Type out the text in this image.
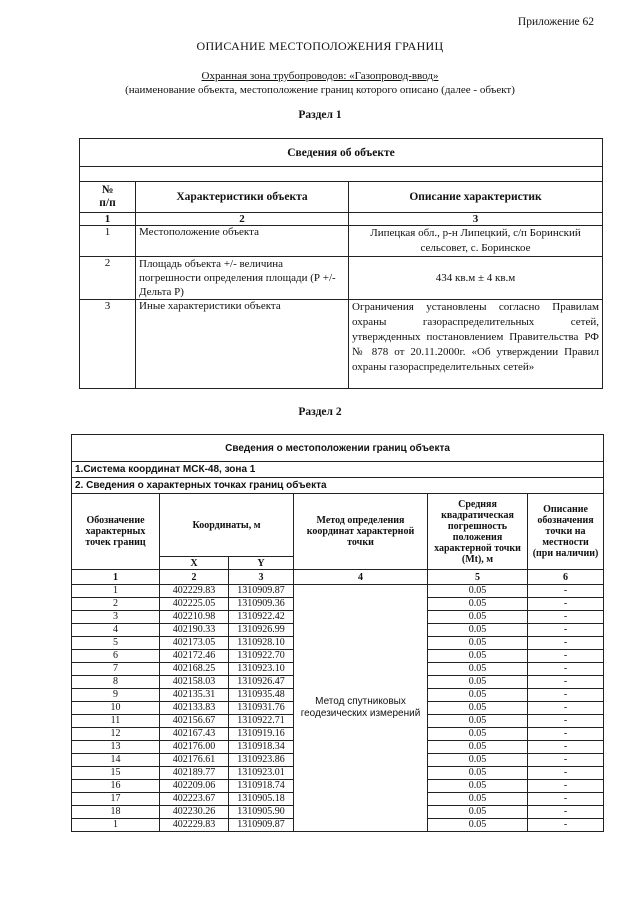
Приложение 62
ОПИСАНИЕ МЕСТОПОЛОЖЕНИЯ ГРАНИЦ
Охранная зона трубопроводов: «Газопровод-ввод»
(наименование объекта, местоположение границ которого описано (далее - объект)
Раздел 1
Сведения об объекте		

№
п/п	Характеристики объекта	Описание характеристик
1	2	3
1	Местоположение объекта	Липецкая обл., р-н Липецкий, с/п Боринский сельсовет, с. Боринское
2	Площадь объекта +/- величина погрешности определения площади (Р +/- Дельта Р)	434 кв.м ± 4 кв.м
3	Иные характеристики объекта	Ограничения установлены согласно Правилам охраны газораспределительных сетей, утвержденных постановлением Правительства РФ № 878 от 20.11.2000г. «Об утверждении Правил охраны газораспределительных сетей»
Раздел 2
Сведения о местоположении границ объекта					
1.Система координат МСК-48, зона 1					
2. Сведения о характерных точках границ объекта					
Обозначение характерных точек границ	Координаты, м		Метод определения координат характерной точки	Средняя квадратическая погрешность положения характерной точки (Mt), м	Описание обозначения точки на местности (при наличии)
	X	Y			
1	2	3	4	5	6
1	402229.83	1310909.87	Метод спутниковых геодезических измерений	0.05	-
2	402225.05	1310909.36		0.05	-
3	402210.98	1310922.42		0.05	-
4	402190.33	1310926.99		0.05	-
5	402173.05	1310928.10		0.05	-
6	402172.46	1310922.70		0.05	-
7	402168.25	1310923.10		0.05	-
8	402158.03	1310926.47		0.05	-
9	402135.31	1310935.48		0.05	-
10	402133.83	1310931.76		0.05	-
11	402156.67	1310922.71		0.05	-
12	402167.43	1310919.16		0.05	-
13	402176.00	1310918.34		0.05	-
14	402176.61	1310923.86		0.05	-
15	402189.77	1310923.01		0.05	-
16	402209.06	1310918.74		0.05	-
17	402223.67	1310905.18		0.05	-
18	402230.26	1310905.90		0.05	-
1	402229.83	1310909.87		0.05	-
